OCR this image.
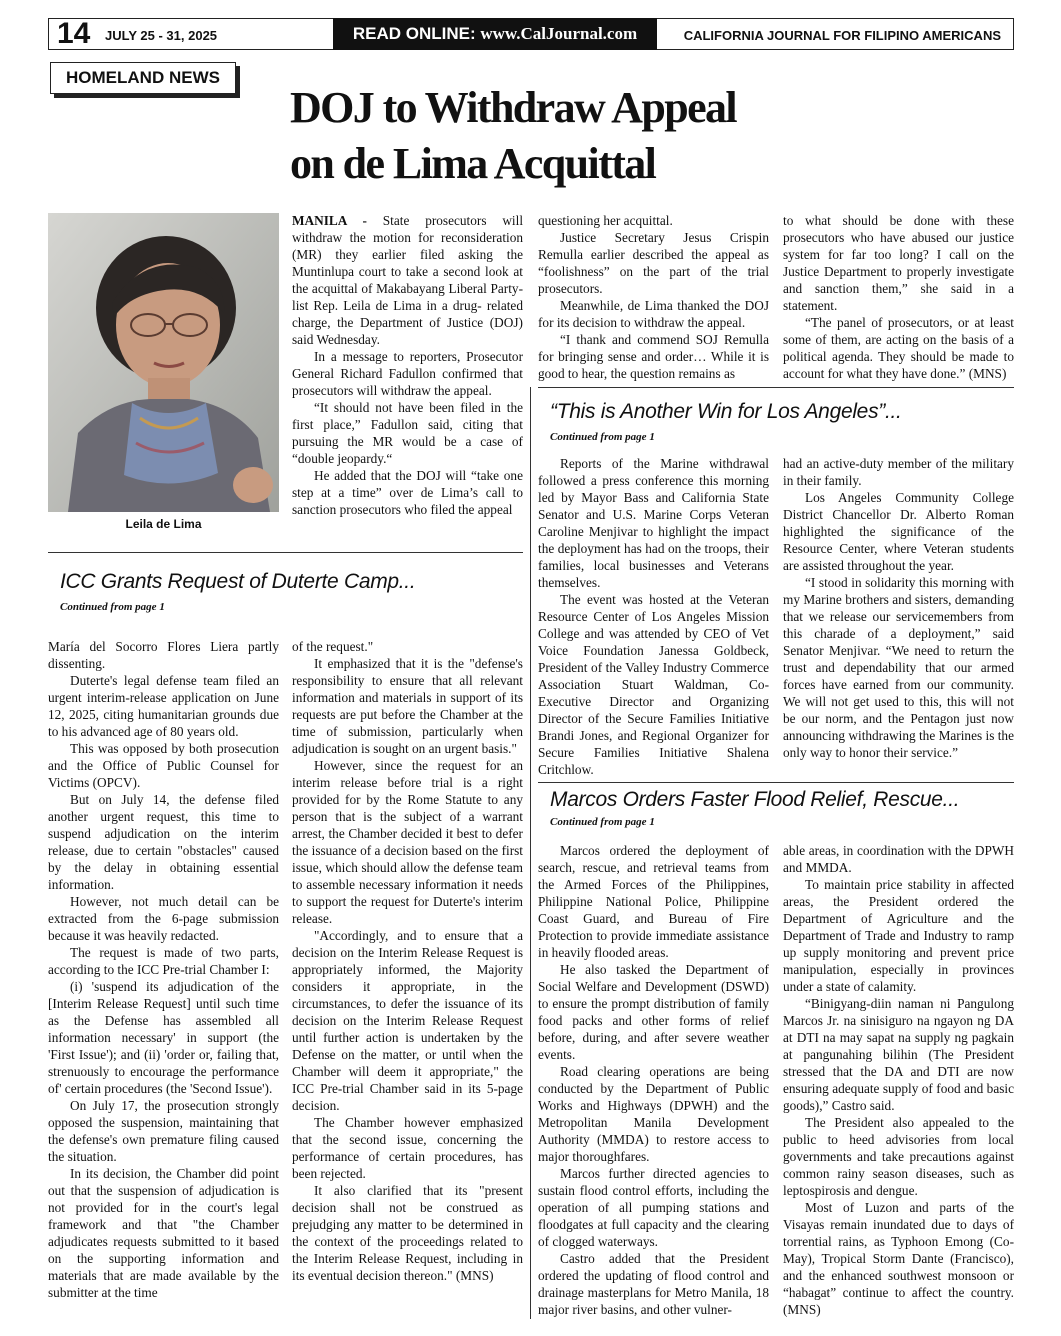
14 JULY 25 - 31, 2025	READ ONLINE: www.CalJournal.com	CALIFORNIA JOURNAL FOR FILIPINO AMERICANS
HOMELAND NEWS
DOJ to Withdraw Appeal
on de Lima Acquittal
Leila de Lima

MANILA - State prosecutors will withdraw the motion for reconsideration (MR) they earlier filed asking the Muntinlupa court to take a second look at the acquittal of Makabayang Liberal Party-list Rep. Leila de Lima in a drug- related charge, the Department of Justice (DOJ) said Wednesday.

In a message to reporters, Prosecutor General Richard Fadullon confirmed that prosecutors will withdraw the appeal.

“It should not have been filed in the first place,” Fadullon said, citing that pursuing the MR would be a case of “double jeopardy.“

He added that the DOJ will “take one step at a time” over de Lima’s call to sanction prosecutors who filed the appeal

questioning her acquittal.

Justice Secretary Jesus Crispin Remulla earlier described the appeal as “foolishness” on the part of the trial prosecutors.

Meanwhile, de Lima thanked the DOJ for its decision to withdraw the appeal.

“I thank and commend SOJ Remulla for bringing sense and order… While it is good to hear, the question remains as

to what should be done with these prosecutors who have abused our justice system for far too long? I call on the Justice Department to properly investigate and sanction them,” she said in a statement.

“The panel of prosecutors, or at least some of them, are acting on the basis of a political agenda. They should be made to account for what they have done.” (MNS)

“This is Another Win for Los Angeles”...
Continued from page 1

Reports of the Marine withdrawal followed a press conference this morning led by Mayor Bass and California State Senator and U.S. Marine Corps Veteran Caroline Menjivar to highlight the impact the deployment has had on the troops, their families, local businesses and Veterans themselves.

The event was hosted at the Veteran Resource Center of Los Angeles Mission College and was attended by CEO of Vet Voice Foundation Janessa Goldbeck, President of the Valley Industry Commerce Association Stuart Waldman, Co-Executive Director and Organizing Director of the Secure Families Initiative Brandi Jones, and Regional Organizer for Secure Families Initiative Shalena Critchlow.

had an active-duty member of the military in their family.

Los Angeles Community College District Chancellor Dr. Alberto Roman highlighted the significance of the Resource Center, where Veteran students are assisted throughout the year.

“I stood in solidarity this morning with my Marine brothers and sisters, demanding that we release our servicemembers from this charade of a deployment,” said Senator Menjivar. “We need to return the trust and dependability that our armed forces have earned from our community. We will not get used to this, this will not be our norm, and the Pentagon just now announcing withdrawing the Marines is the only way to honor their service.”

ICC Grants Request of Duterte Camp...
Continued from page 1

María del Socorro Flores Liera partly dissenting.

Duterte's legal defense team filed an urgent interim-release application on June 12, 2025, citing humanitarian grounds due to his advanced age of 80 years old.

This was opposed by both prosecution and the Office of Public Counsel for Victims (OPCV).

But on July 14, the defense filed another urgent request, this time to suspend adjudication on the interim release, due to certain "obstacles" caused by the delay in obtaining essential information.

However, not much detail can be extracted from the 6-page submission because it was heavily redacted.

The request is made of two parts, according to the ICC Pre-trial Chamber I:

(i) 'suspend its adjudication of the [Interim Release Request] until such time as the Defense has assembled all information necessary' in support (the 'First Issue'); and (ii) 'order or, failing that, strenuously to encourage the performance of' certain procedures (the 'Second Issue').

On July 17, the prosecution strongly opposed the suspension, maintaining that the defense's own premature filing caused the situation.

In its decision, the Chamber did point out that the suspension of adjudication is not provided for in the court's legal framework and that "the Chamber adjudicates requests submitted to it based on the supporting information and materials that are made available by the submitter at the time

of the request."

It emphasized that it is the "defense's responsibility to ensure that all relevant information and materials in support of its requests are put before the Chamber at the time of submission, particularly when adjudication is sought on an urgent basis."

However, since the request for an interim release before trial is a right provided for by the Rome Statute to any person that is the subject of a warrant arrest, the Chamber decided it best to defer the issuance of a decision based on the first issue, which should allow the defense team to assemble necessary information it needs to support the request for Duterte's interim release.

"Accordingly, and to ensure that a decision on the Interim Release Request is appropriately informed, the Majority considers it appropriate, in the circumstances, to defer the issuance of its decision on the Interim Release Request until further action is undertaken by the Defense on the matter, or until when the Chamber will deem it appropriate," the ICC Pre-trial Chamber said in its 5-page decision.

The Chamber however emphasized that the second issue, concerning the performance of certain procedures, has been rejected.

It also clarified that its "present decision shall not be construed as prejudging any matter to be determined in the context of the proceedings related to the Interim Release Request, including in its eventual decision thereon." (MNS)

Marcos Orders Faster Flood Relief, Rescue...
Continued from page 1

Marcos ordered the deployment of search, rescue, and retrieval teams from the Armed Forces of the Philippines, Philippine National Police, Philippine Coast Guard, and Bureau of Fire Protection to provide immediate assistance in heavily flooded areas.

He also tasked the Department of Social Welfare and Development (DSWD) to ensure the prompt distribution of family food packs and other forms of relief before, during, and after severe weather events.

Road clearing operations are being conducted by the Department of Public Works and Highways (DPWH) and the Metropolitan Manila Development Authority (MMDA) to restore access to major thoroughfares.

Marcos further directed agencies to sustain flood control efforts, including the operation of all pumping stations and floodgates at full capacity and the clearing of clogged waterways.

Castro added that the President ordered the updating of flood control and drainage masterplans for Metro Manila, 18 major river basins, and other vulner-

able areas, in coordination with the DPWH and MMDA.

To maintain price stability in affected areas, the President ordered the Department of Agriculture and the Department of Trade and Industry to ramp up supply monitoring and prevent price manipulation, especially in provinces under a state of calamity.

“Binigyang-diin naman ni Pangulong Marcos Jr. na sinisiguro na ngayon ng DA at DTI na may sapat na supply ng pagkain at pangunahing bilihin (The President stressed that the DA and DTI are now ensuring adequate supply of food and basic goods),” Castro said.

The President also appealed to the public to heed advisories from local governments and take precautions against common rainy season diseases, such as leptospirosis and dengue.

Most of Luzon and parts of the Visayas remain inundated due to days of torrential rains, as Typhoon Emong (Co-May), Tropical Storm Dante (Francisco), and the enhanced southwest monsoon or “habagat” continue to affect the country. (MNS)
